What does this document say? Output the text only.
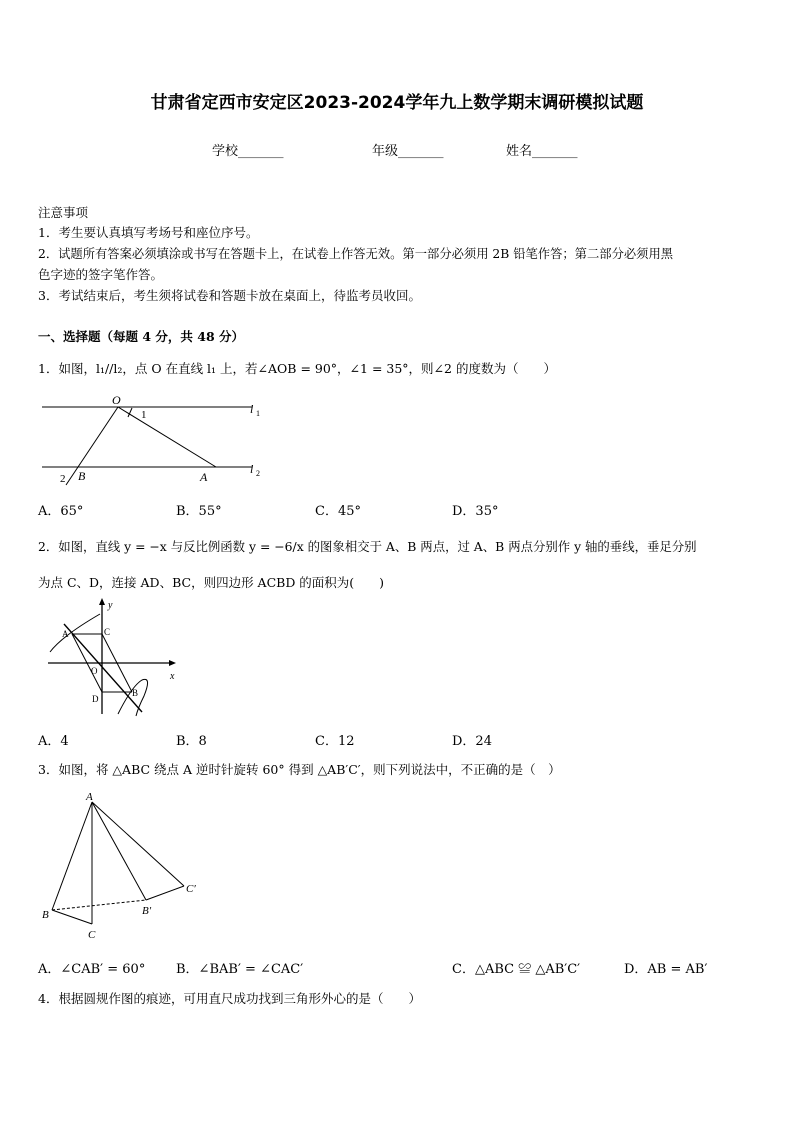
甘肃省定西市安定区2023-2024学年九上数学期末调研模拟试题
学校_______	年级_______	姓名_______
注意事项
1．考生要认真填写考场号和座位序号。
2．试题所有答案必须填涂或书写在答题卡上，在试卷上作答无效。第一部分必须用 2B 铅笔作答；第二部分必须用黑
色字迹的签字笔作答。
3．考试结束后，考生须将试卷和答题卡放在桌面上，待监考员收回。
一、选择题（每题 4 分，共 48 分）
1．如图，l₁//l₂，点 O 在直线 l₁ 上，若∠AOB = 90°，∠1 = 35°，则∠2 的度数为（　　）
O
1	l 1
l 2
2 B	A
A．65°	B．55°	C．45°	D．35°
2．如图，直线 y = −x 与反比例函数 y = −6/x 的图象相交于 A、B 两点，过 A、B 两点分别作 y 轴的垂线，垂足分别
为点 C、D，连接 AD、BC，则四边形 ACBD 的面积为(　　)
y
x
A	C
O
D
B
A．4	B．8	C．12	D．24
3．如图，将 △ABC 绕点 A 逆时针旋转 60° 得到 △AB′C′，则下列说法中，不正确的是（　）
A
C′
B′
B
C
A．∠CAB′ = 60° B．∠BAB′ = ∠CAC′	C．△ABC ≌ △AB′C′	D．AB = AB′
4．根据圆规作图的痕迹，可用直尺成功找到三角形外心的是（　　）
